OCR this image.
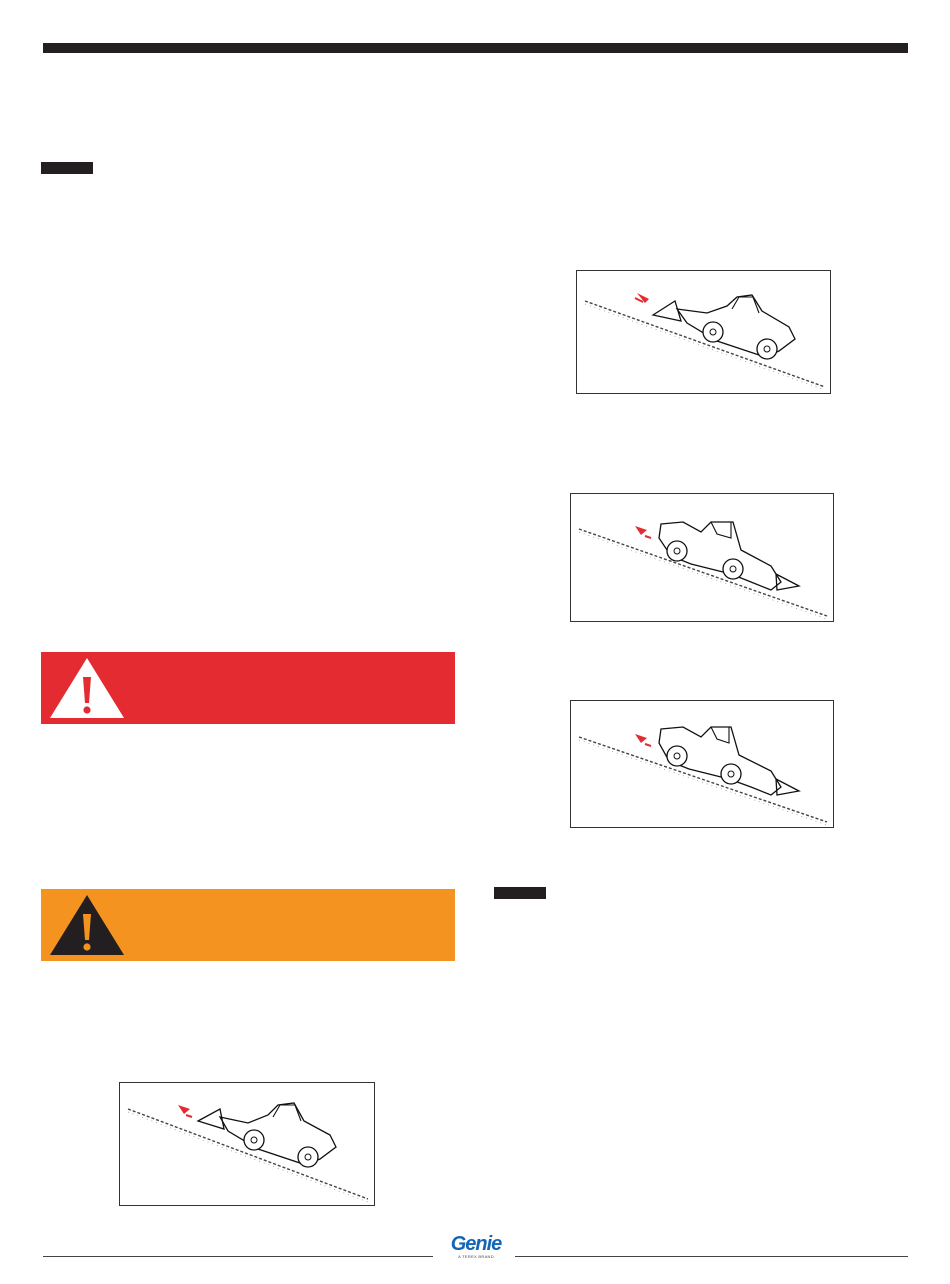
Genie
A TEREX BRAND
